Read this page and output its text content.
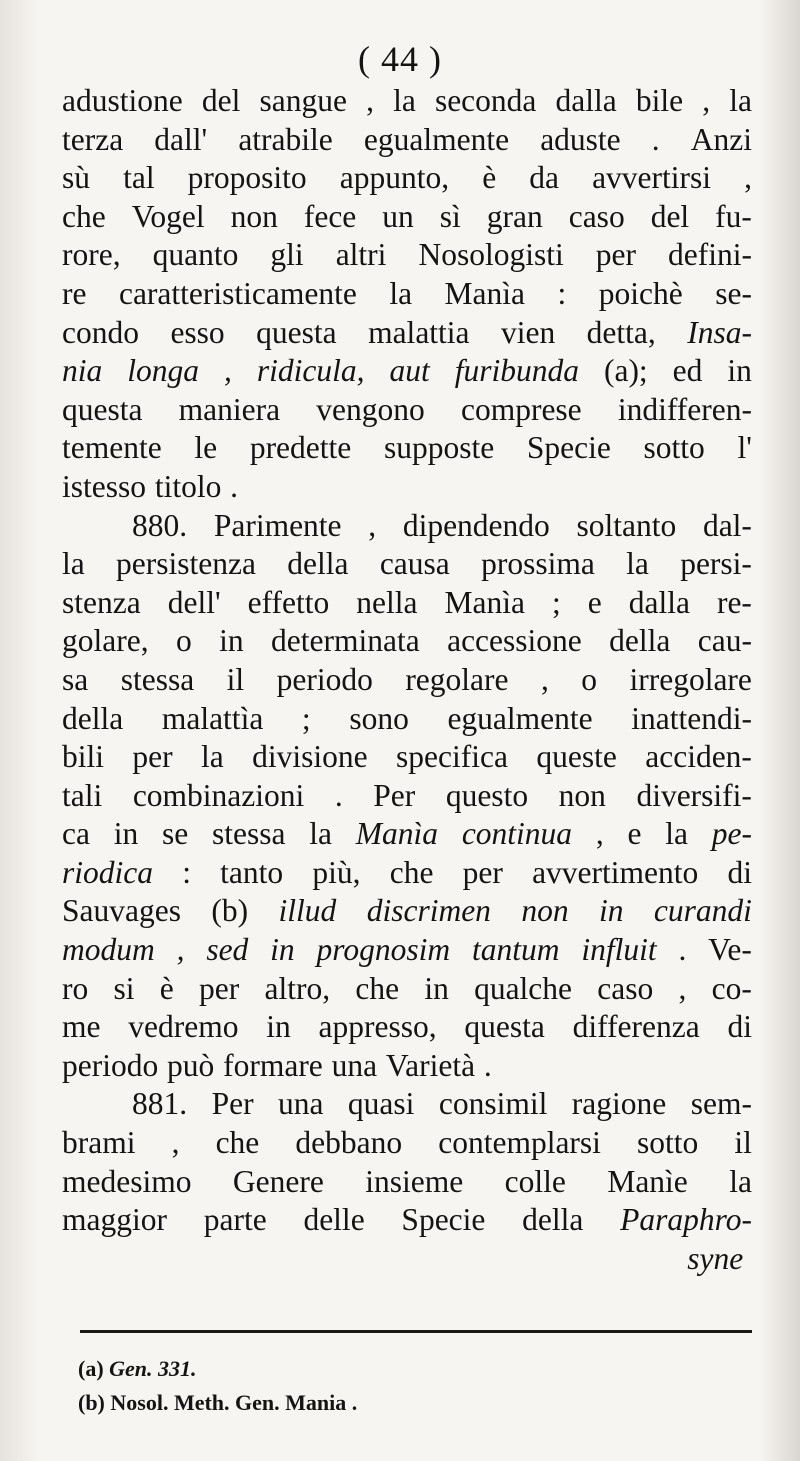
( 44 )
adustione del sangue , la seconda dalla bile , la
terza dall' atrabile egualmente aduste . Anzi
sù tal proposito appunto, è da avvertirsi ,
che Vogel non fece un sì gran caso del fu-
rore, quanto gli altri Nosologisti per defini-
re caratteristicamente la Manìa : poichè se-
condo esso questa malattia vien detta, Insa-
nia longa , ridicula, aut furibunda (a); ed in
questa maniera vengono comprese indifferen-
temente le predette supposte Specie sotto l'
istesso titolo .
880. Parimente , dipendendo soltanto dal-
la persistenza della causa prossima la persi-
stenza dell' effetto nella Manìa ; e dalla re-
golare, o in determinata accessione della cau-
sa stessa il periodo regolare , o irregolare
della malattìa ; sono egualmente inattendi-
bili per la divisione specifica queste acciden-
tali combinazioni . Per questo non diversifi-
ca in se stessa la Manìa continua , e la pe-
riodica : tanto più, che per avvertimento di
Sauvages (b) illud discrimen non in curandi
modum , sed in prognosim tantum influit . Ve-
ro si è per altro, che in qualche caso , co-
me vedremo in appresso, questa differenza di
periodo può formare una Varietà .
881. Per una quasi consimil ragione sem-
brami , che debbano contemplarsi sotto il
medesimo Genere insieme colle Manìe la
maggior parte delle Specie della Paraphro-
syne
(a) Gen. 331.
(b) Nosol. Meth. Gen. Mania .
